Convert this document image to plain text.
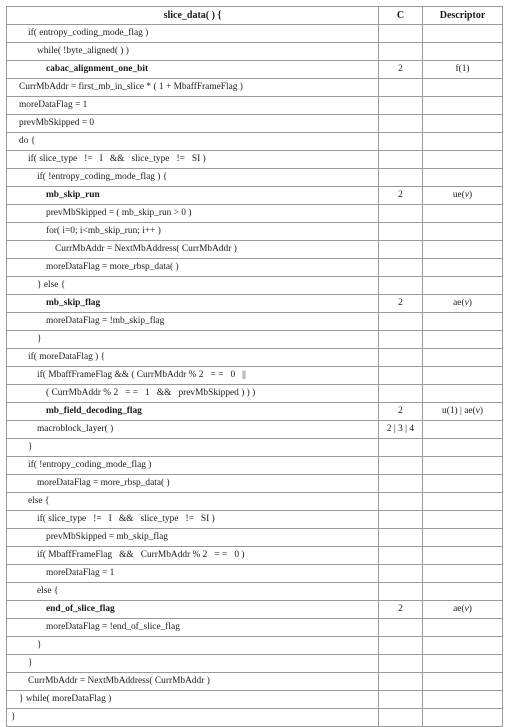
slice_data( ) {	C	Descriptor
if( entropy_coding_mode_flag )		
while( !byte_aligned( ) )		
cabac_alignment_one_bit	2	f(1)
CurrMbAddr = first_mb_in_slice * ( 1 + MbaffFrameFlag )		
moreDataFlag = 1		
prevMbSkipped = 0		
do {		
if( slice_type   !=   I   &&   slice_type   !=   SI )		
if( !entropy_coding_mode_flag ) {		
mb_skip_run	2	ue(v)
prevMbSkipped = ( mb_skip_run > 0 )		
for( i=0; i<mb_skip_run; i++ )		
CurrMbAddr = NextMbAddress( CurrMbAddr )		
moreDataFlag = more_rbsp_data( )		
} else {		
mb_skip_flag	2	ae(v)
moreDataFlag = !mb_skip_flag		
}		
if( moreDataFlag ) {		
if( MbaffFrameFlag && ( CurrMbAddr % 2   = =   0   ||		
( CurrMbAddr % 2   = =   1   &&   prevMbSkipped ) ) )		
mb_field_decoding_flag	2	u(1) | ae(v)
macroblock_layer( )	2 | 3 | 4	
}		
if( !entropy_coding_mode_flag )		
moreDataFlag = more_rbsp_data( )		
else {		
if( slice_type   !=   I   &&   slice_type   !=   SI )		
prevMbSkipped = mb_skip_flag		
if( MbaffFrameFlag   &&   CurrMbAddr % 2   = =   0 )		
moreDataFlag = 1		
else {		
end_of_slice_flag	2	ae(v)
moreDataFlag = !end_of_slice_flag		
}		
}		
CurrMbAddr = NextMbAddress( CurrMbAddr )		
} while( moreDataFlag )		
}		
